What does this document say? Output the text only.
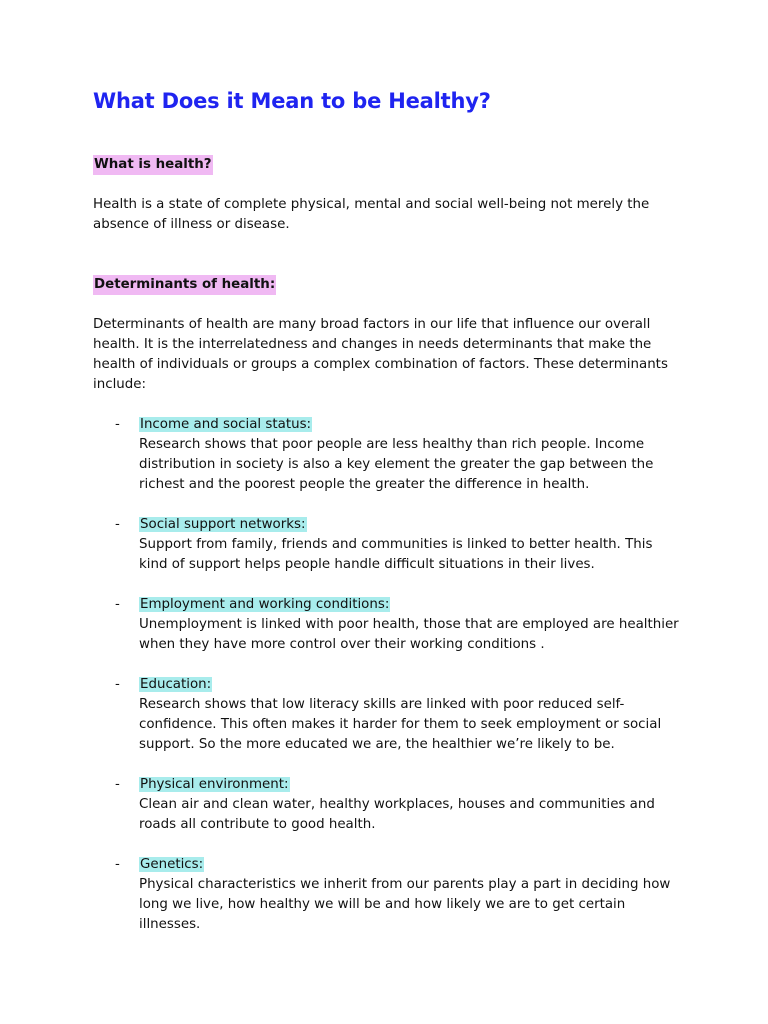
What Does it Mean to be Healthy?
What is health?

Health is a state of complete physical, mental and social well-being not merely the absence of illness or disease.

Determinants of health:

Determinants of health are many broad factors in our life that influence our overall health. It is the interrelatedness and changes in needs determinants that make the health of individuals or groups a complex combination of factors. These determinants include:

- Income and social status:
Research shows that poor people are less healthy than rich people. Income distribution in society is also a key element the greater the gap between the richest and the poorest people the greater the difference in health.
- Social support networks:
Support from family, friends and communities is linked to better health. This kind of support helps people handle difficult situations in their lives.
- Employment and working conditions:
Unemployment is linked with poor health, those that are employed are healthier when they have more control over their working conditions .
- Education:
Research shows that low literacy skills are linked with poor reduced self-confidence. This often makes it harder for them to seek employment or social support. So the more educated we are, the healthier we’re likely to be.
- Physical environment:
Clean air and clean water, healthy workplaces, houses and communities and roads all contribute to good health.
- Genetics:
Physical characteristics we inherit from our parents play a part in deciding how long we live, how healthy we will be and how likely we are to get certain illnesses.
